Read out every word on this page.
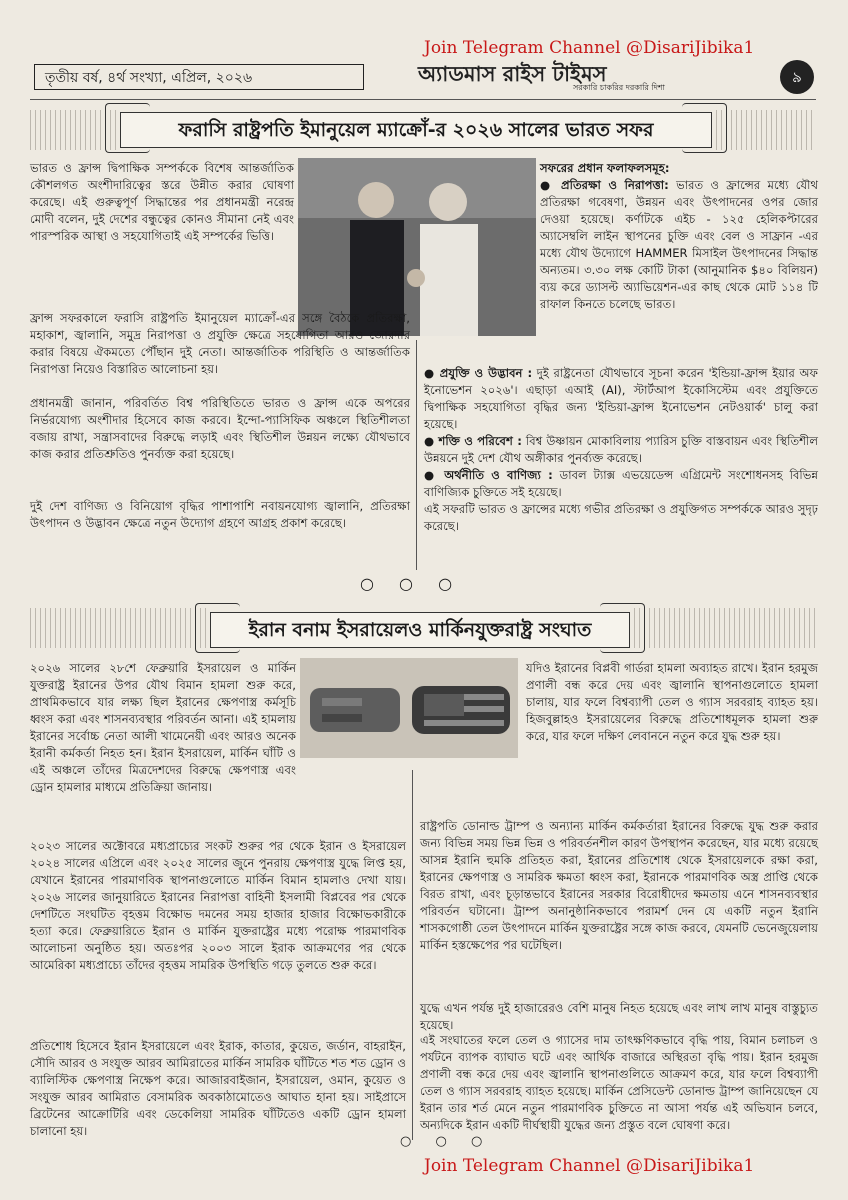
Join Telegram Channel @DisariJibika1
তৃতীয় বর্ষ, ৪র্থ সংখ্যা, এপ্রিল, ২০২৬	অ্যাডমাস রাইস টাইমস
সরকারি চাকরির দরকারি দিশা
৯
ফরাসি রাষ্ট্রপতি ইমানুয়েল ম্যাক্রোঁ-র ২০২৬ সালের ভারত সফর
ভারত ও ফ্রান্স দ্বিপাক্ষিক সম্পর্ককে বিশেষ আন্তর্জাতিক কৌশলগত অংশীদারিত্বের স্তরে উন্নীত করার ঘোষণা করেছে। এই গুরুত্বপূর্ণ সিদ্ধান্তের পর প্রধানমন্ত্রী নরেন্দ্র মোদী বলেন, দুই দেশের বন্ধুত্বের কোনও সীমানা নেই এবং পারস্পরিক আস্থা ও সহযোগিতাই এই সম্পর্কের ভিত্তি।
ফ্রান্স সফরকালে ফরাসি রাষ্ট্রপতি ইমানুয়েল ম্যাক্রোঁ-এর সঙ্গে বৈঠকে প্রতিরক্ষা, মহাকাশ, জ্বালানি, সমুদ্র নিরাপত্তা ও প্রযুক্তি ক্ষেত্রে সহযোগিতা আরও জোরদার করার বিষয়ে ঐকমত্যে পৌঁছান দুই নেতা। আন্তর্জাতিক পরিস্থিতি ও আন্তর্জাতিক নিরাপত্তা নিয়েও বিস্তারিত আলোচনা হয়।
প্রধানমন্ত্রী জানান, পরিবর্তিত বিশ্ব পরিস্থিতিতে ভারত ও ফ্রান্স একে অপরের নির্ভরযোগ্য অংশীদার হিসেবে কাজ করবে। ইন্দো-প্যাসিফিক অঞ্চলে স্থিতিশীলতা বজায় রাখা, সন্ত্রাসবাদের বিরুদ্ধে লড়াই এবং স্থিতিশীল উন্নয়ন লক্ষ্যে যৌথভাবে কাজ করার প্রতিশ্রুতিও পুনর্ব্যক্ত করা হয়েছে।
দুই দেশ বাণিজ্য ও বিনিয়োগ বৃদ্ধির পাশাপাশি নবায়নযোগ্য জ্বালানি, প্রতিরক্ষা উৎপাদন ও উদ্ভাবন ক্ষেত্রে নতুন উদ্যোগ গ্রহণে আগ্রহ প্রকাশ করেছে।
সফরের প্রধান ফলাফলসমূহ:
● প্রতিরক্ষা ও নিরাপত্তা: ভারত ও ফ্রান্সের মধ্যে যৌথ প্রতিরক্ষা গবেষণা, উন্নয়ন এবং উৎপাদনের ওপর জোর দেওয়া হয়েছে। কর্ণাটকে এইচ - ১২৫ হেলিকপ্টারের অ্যাসেম্বলি লাইন স্থাপনের চুক্তি এবং বেল ও সাফ্রান -এর মধ্যে যৌথ উদ্যোগে HAMMER মিসাইল উৎপাদনের সিদ্ধান্ত অন্যতম। ৩.৩০ লক্ষ কোটি টাকা (আনুমানিক $৪০ বিলিয়ন) ব্যয় করে ড্যাসল্ট অ্যাভিয়েশন-এর কাছ থেকে মোট ১১৪ টি রাফাল কিনতে চলেছে ভারত।
● প্রযুক্তি ও উদ্ভাবন : দুই রাষ্ট্রনেতা যৌথভাবে সূচনা করেন 'ইন্ডিয়া-ফ্রান্স ইয়ার অফ ইনোভেশন ২০২৬'। এছাড়া এআই (AI), স্টার্টআপ ইকোসিস্টেম এবং প্রযুক্তিতে দ্বিপাক্ষিক সহযোগিতা বৃদ্ধির জন্য 'ইন্ডিয়া-ফ্রান্স ইনোভেশন নেটওয়ার্ক' চালু করা হয়েছে।
● শক্তি ও পরিবেশ : বিশ্ব উষ্ণায়ন মোকাবিলায় প্যারিস চুক্তি বাস্তবায়ন এবং স্থিতিশীল উন্নয়নে দুই দেশ যৌথ অঙ্গীকার পুনর্ব্যক্ত করেছে।
● অর্থনীতি ও বাণিজ্য : ডাবল ট্যাক্স এভয়েডেন্স এগ্রিমেন্ট সংশোধনসহ বিভিন্ন বাণিজ্যিক চুক্তিতে সই হয়েছে।
এই সফরটি ভারত ও ফ্রান্সের মধ্যে গভীর প্রতিরক্ষা ও প্রযুক্তিগত সম্পর্ককে আরও সুদৃঢ় করেছে।
○ ○ ○
ইরান বনাম ইসরায়েলও মার্কিনযুক্তরাষ্ট্র সংঘাত
২০২৬ সালের ২৮শে ফেব্রুয়ারি ইসরায়েল ও মার্কিন যুক্তরাষ্ট্র ইরানের উপর যৌথ বিমান হামলা শুরু করে, প্রাথমিকভাবে যার লক্ষ্য ছিল ইরানের ক্ষেপণাস্ত্র কর্মসূচি ধ্বংস করা এবং শাসনব্যবস্থার পরিবর্তন আনা। এই হামলায় ইরানের সর্বোচ্চ নেতা আলী খামেনেয়ী এবং আরও অনেক ইরানী কর্মকর্তা নিহত হন। ইরান ইসরায়েল, মার্কিন ঘাঁটি ও এই অঞ্চলে তাঁদের মিত্রদেশদের বিরুদ্ধে ক্ষেপণাস্ত্র এবং ড্রোন হামলার মাধ্যমে প্রতিক্রিয়া জানায়।
২০২৩ সালের অক্টোবরে মধ্যপ্রাচ্যের সংকট শুরুর পর থেকে ইরান ও ইসরায়েল ২০২৪ সালের এপ্রিলে এবং ২০২৫ সালের জুনে পুনরায় ক্ষেপণাস্ত্র যুদ্ধে লিপ্ত হয়, যেখানে ইরানের পারমাণবিক স্থাপনাগুলোতে মার্কিন বিমান হামলাও দেখা যায়। ২০২৬ সালের জানুয়ারিতে ইরানের নিরাপত্তা বাহিনী ইসলামী বিপ্লবের পর থেকে দেশটিতে সংঘটিত বৃহত্তম বিক্ষোভ দমনের সময় হাজার হাজার বিক্ষোভকারীকে হত্যা করে। ফেব্রুয়ারিতে ইরান ও মার্কিন যুক্তরাষ্ট্রের মধ্যে পরোক্ষ পারমাণবিক আলোচনা অনুষ্ঠিত হয়। অতঃপর ২০০৩ সালে ইরাক আক্রমণের পর থেকে আমেরিকা মধ্যপ্রাচ্যে তাঁদের বৃহত্তম সামরিক উপস্থিতি গড়ে তুলতে শুরু করে।
প্রতিশোধ হিসেবে ইরান ইসরায়েলে এবং ইরাক, কাতার, কুয়েত, জর্ডান, বাহরাইন, সৌদি আরব ও সংযুক্ত আরব আমিরাতের মার্কিন সামরিক ঘাঁটিতে শত শত ড্রোন ও ব্যালিস্টিক ক্ষেপণাস্ত্র নিক্ষেপ করে। আজারবাইজান, ইসরায়েল, ওমান, কুয়েত ও সংযুক্ত আরব আমিরাত বেসামরিক অবকাঠামোতেও আঘাত হানা হয়। সাইপ্রাসে ব্রিটেনের আক্রোটিরি এবং ডেকেলিয়া সামরিক ঘাঁটিতেও একটি ড্রোন হামলা চালানো হয়।
যদিও ইরানের বিপ্লবী গার্ডরা হামলা অব্যাহত রাখে। ইরান হরমুজ প্রণালী বন্ধ করে দেয় এবং জ্বালানি স্থাপনাগুলোতে হামলা চালায়, যার ফলে বিশ্বব্যাপী তেল ও গ্যাস সরবরাহ ব্যাহত হয়। হিজবুল্লাহও ইসরায়েলের বিরুদ্ধে প্রতিশোধমূলক হামলা শুরু করে, যার ফলে দক্ষিণ লেবাননে নতুন করে যুদ্ধ শুরু হয়।
রাষ্ট্রপতি ডোনাল্ড ট্রাম্প ও অন্যান্য মার্কিন কর্মকর্তারা ইরানের বিরুদ্ধে যুদ্ধ শুরু করার জন্য বিভিন্ন সময় ভিন্ন ভিন্ন ও পরিবর্তনশীল কারণ উপস্থাপন করেছেন, যার মধ্যে রয়েছে আসন্ন ইরানি হুমকি প্রতিহত করা, ইরানের প্রতিশোধ থেকে ইসরায়েলকে রক্ষা করা, ইরানের ক্ষেপণাস্ত্র ও সামরিক ক্ষমতা ধ্বংস করা, ইরানকে পারমাণবিক অস্ত্র প্রাপ্তি থেকে বিরত রাখা, এবং চূড়ান্তভাবে ইরানের সরকার বিরোধীদের ক্ষমতায় এনে শাসনব্যবস্থার পরিবর্তন ঘটানো। ট্রাম্প অনানুষ্ঠানিকভাবে পরামর্শ দেন যে একটি নতুন ইরানি শাসকগোষ্ঠী তেল উৎপাদনে মার্কিন যুক্তরাষ্ট্রের সঙ্গে কাজ করবে, যেমনটি ভেনেজুয়েলায় মার্কিন হস্তক্ষেপের পর ঘটেছিল।
যুদ্ধে এখন পর্যন্ত দুই হাজারেরও বেশি মানুষ নিহত হয়েছে এবং লাখ লাখ মানুষ বাস্তুচ্যুত হয়েছে।
এই সংঘাতের ফলে তেল ও গ্যাসের দাম তাৎক্ষণিকভাবে বৃদ্ধি পায়, বিমান চলাচল ও পর্যটনে ব্যাপক ব্যাঘাত ঘটে এবং আর্থিক বাজারে অস্থিরতা বৃদ্ধি পায়। ইরান হরমুজ প্রণালী বন্ধ করে দেয় এবং জ্বালানি স্থাপনাগুলিতে আক্রমণ করে, যার ফলে বিশ্বব্যাপী তেল ও গ্যাস সরবরাহ ব্যাহত হয়েছে। মার্কিন প্রেসিডেন্ট ডোনাল্ড ট্রাম্প জানিয়েছেন যে ইরান তার শর্ত মেনে নতুন পারমাণবিক চুক্তিতে না আসা পর্যন্ত এই অভিযান চলবে, অন্যদিকে ইরান একটি দীর্ঘস্থায়ী যুদ্ধের জন্য প্রস্তুত বলে ঘোষণা করে।
○ ○ ○
Join Telegram Channel @DisariJibika1
